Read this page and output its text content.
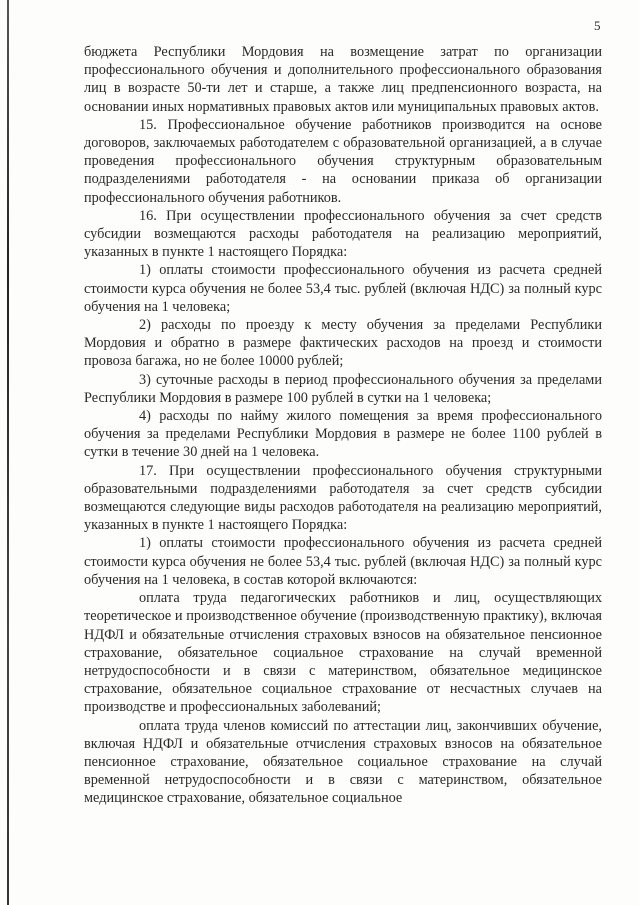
5

бюджета Республики Мордовия на возмещение затрат по организации профессионального обучения и дополнительного профессионального образования лиц в возрасте 50-ти лет и старше, а также лиц предпенсионного возраста, на основании иных нормативных правовых актов или муниципальных правовых актов.

15. Профессиональное обучение работников производится на основе договоров, заключаемых работодателем с образовательной организацией, а в случае проведения профессионального обучения структурным образовательным подразделениями работодателя - на основании приказа об организации профессионального обучения работников.

16. При осуществлении профессионального обучения за счет средств субсидии возмещаются расходы работодателя на реализацию мероприятий, указанных в пункте 1 настоящего Порядка:

1) оплаты стоимости профессионального обучения из расчета средней стоимости курса обучения не более 53,4 тыс. рублей (включая НДС) за полный курс обучения на 1 человека;

2) расходы по проезду к месту обучения за пределами Республики Мордовия и обратно в размере фактических расходов на проезд и стоимости провоза багажа, но не более 10000 рублей;

3) суточные расходы в период профессионального обучения за пределами Республики Мордовия в размере 100 рублей в сутки на 1 человека;

4) расходы по найму жилого помещения за время профессионального обучения за пределами Республики Мордовия в размере не более 1100 рублей в сутки в течение 30 дней на 1 человека.

17. При осуществлении профессионального обучения структурными образовательными подразделениями работодателя за счет средств субсидии возмещаются следующие виды расходов работодателя на реализацию мероприятий, указанных в пункте 1 настоящего Порядка:

1) оплаты стоимости профессионального обучения из расчета средней стоимости курса обучения не более 53,4 тыс. рублей (включая НДС) за полный курс обучения на 1 человека, в состав которой включаются:

оплата труда педагогических работников и лиц, осуществляющих теоретическое и производственное обучение (производственную практику), включая НДФЛ и обязательные отчисления страховых взносов на обязательное пенсионное страхование, обязательное социальное страхование на случай временной нетрудоспособности и в связи с материнством, обязательное медицинское страхование, обязательное социальное страхование от несчастных случаев на производстве и профессиональных заболеваний;

оплата труда членов комиссий по аттестации лиц, закончивших обучение, включая НДФЛ и обязательные отчисления страховых взносов на обязательное пенсионное страхование, обязательное социальное страхование на случай временной нетрудоспособности и в связи с материнством, обязательное медицинское страхование, обязательное социальное
